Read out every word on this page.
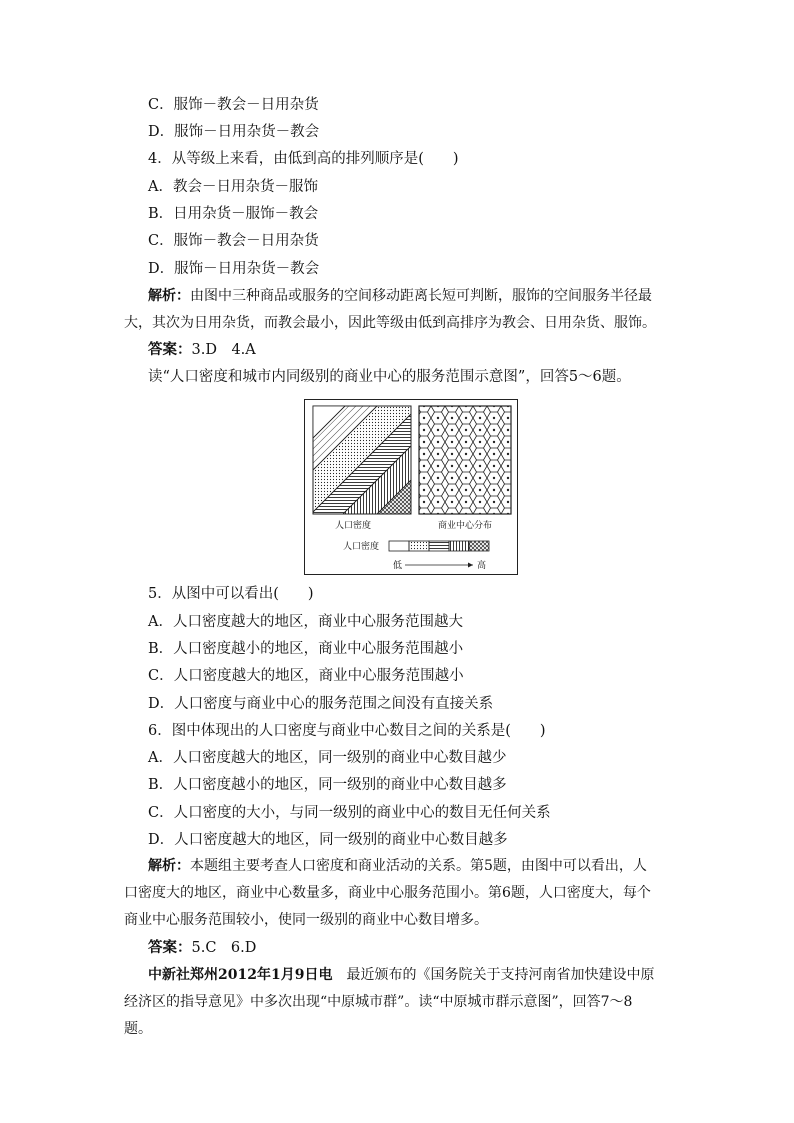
C．服饰－教会－日用杂货
D．服饰－日用杂货－教会
4．从等级上来看，由低到高的排列顺序是(　　)
A．教会－日用杂货－服饰
B．日用杂货－服饰－教会
C．服饰－教会－日用杂货
D．服饰－日用杂货－教会
解析：由图中三种商品或服务的空间移动距离长短可判断，服饰的空间服务半径最大，其次为日用杂货，而教会最小，因此等级由低到高排序为教会、日用杂货、服饰。
答案：3.D　4.A
读“人口密度和城市内同级别的商业中心的服务范围示意图”，回答5～6题。
人口密度	商业中心分布
人口密度
低	高
5．从图中可以看出(　　)
A．人口密度越大的地区，商业中心服务范围越大
B．人口密度越小的地区，商业中心服务范围越小
C．人口密度越大的地区，商业中心服务范围越小
D．人口密度与商业中心的服务范围之间没有直接关系
6．图中体现出的人口密度与商业中心数目之间的关系是(　　)
A．人口密度越大的地区，同一级别的商业中心数目越少
B．人口密度越小的地区，同一级别的商业中心数目越多
C．人口密度的大小，与同一级别的商业中心的数目无任何关系
D．人口密度越大的地区，同一级别的商业中心数目越多
解析：本题组主要考查人口密度和商业活动的关系。第5题，由图中可以看出，人口密度大的地区，商业中心数量多，商业中心服务范围小。第6题，人口密度大，每个商业中心服务范围较小，使同一级别的商业中心数目增多。
答案：5.C　6.D
中新社郑州2012年1月9日电　最近颁布的《国务院关于支持河南省加快建设中原经济区的指导意见》中多次出现“中原城市群”。读“中原城市群示意图”，回答7～8题。
